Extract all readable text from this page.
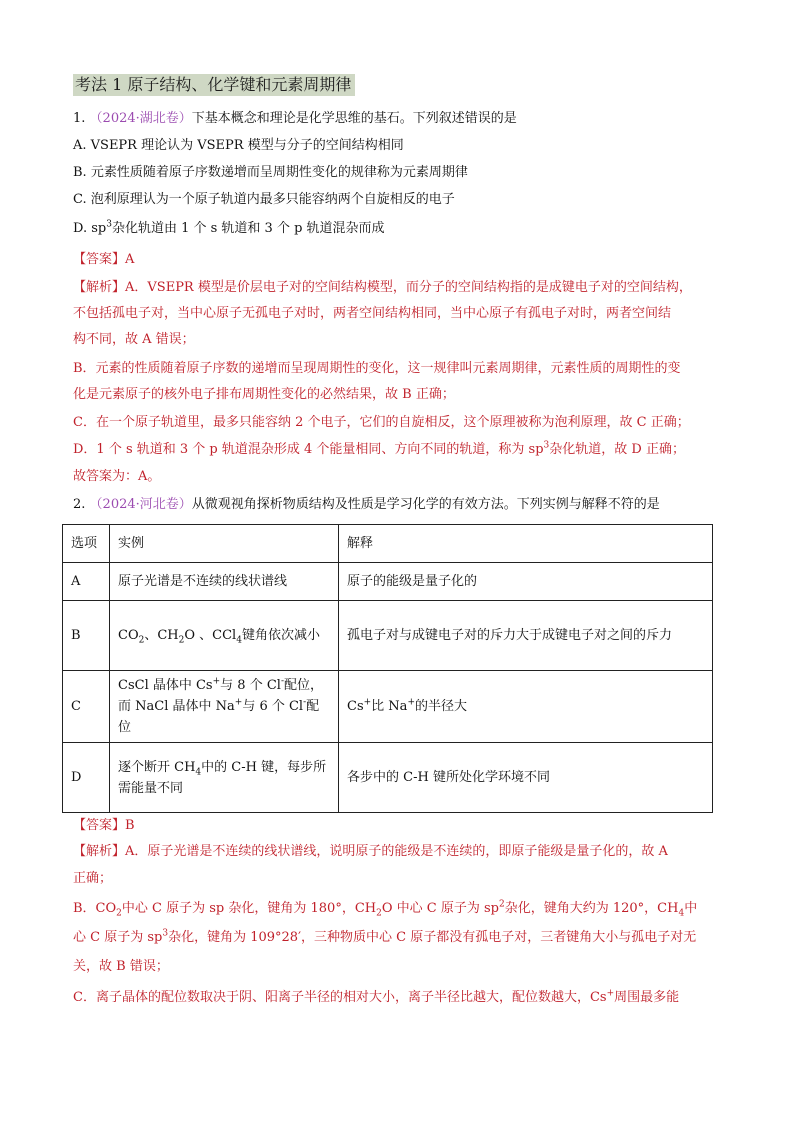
考法 1 原子结构、化学键和元素周期律
1. （2024·湖北卷）下基本概念和理论是化学思维的基石。下列叙述错误的是
A. VSEPR 理论认为 VSEPR 模型与分子的空间结构相同
B. 元素性质随着原子序数递增而呈周期性变化的规律称为元素周期律
C. 泡利原理认为一个原子轨道内最多只能容纳两个自旋相反的电子
D. $sp^3$杂化轨道由 1 个 s 轨道和 3 个 p 轨道混杂而成
【答案】A
【解析】A．VSEPR 模型是价层电子对的空间结构模型，而分子的空间结构指的是成键电子对的空间结构，
不包括孤电子对，当中心原子无孤电子对时，两者空间结构相同，当中心原子有孤电子对时，两者空间结
构不同，故 A 错误；
B．元素的性质随着原子序数的递增而呈现周期性的变化，这一规律叫元素周期律，元素性质的周期性的变
化是元素原子的核外电子排布周期性变化的必然结果，故 B 正确；
C．在一个原子轨道里，最多只能容纳 2 个电子，它们的自旋相反，这个原理被称为泡利原理，故 C 正确；
D．1 个 s 轨道和 3 个 p 轨道混杂形成 4 个能量相同、方向不同的轨道，称为 $sp^3$杂化轨道，故 D 正确；
故答案为：A。
2. （2024·河北卷）从微观视角探析物质结构及性质是学习化学的有效方法。下列实例与解释不符的是
选项	实例	解释
A	原子光谱是不连续的线状谱线	原子的能级是量子化的
B	$CO_2$、$CH_2O$ 、CCl$_4$键角依次减小	孤电子对与成键电子对的斥力大于成键电子对之间的斥力
C	CsCl 晶体中 Cs+与 8 个 Cl-配位，
而 NaCl 晶体中 Na+与 6 个 Cl-配位	Cs+比 Na+的半径大
D	逐个断开 $CH_4$中的 C-H 键，每步所需能量不同	各步中的 C-H 键所处化学环境不同
【答案】B
【解析】A．原子光谱是不连续的线状谱线，说明原子的能级是不连续的，即原子能级是量子化的，故 A
正确；
B．$CO_2$中心 C 原子为 sp 杂化，键角为 180°，$CH_2O$ 中心 C 原子为 $sp^2$杂化，键角大约为 120°，$CH_4$中
心 C 原子为 $sp^3$杂化，键角为 109°28′，三种物质中心 C 原子都没有孤电子对，三者键角大小与孤电子对无
关，故 B 错误；
C．离子晶体的配位数取决于阴、阳离子半径的相对大小，离子半径比越大，配位数越大，Cs+周围最多能
